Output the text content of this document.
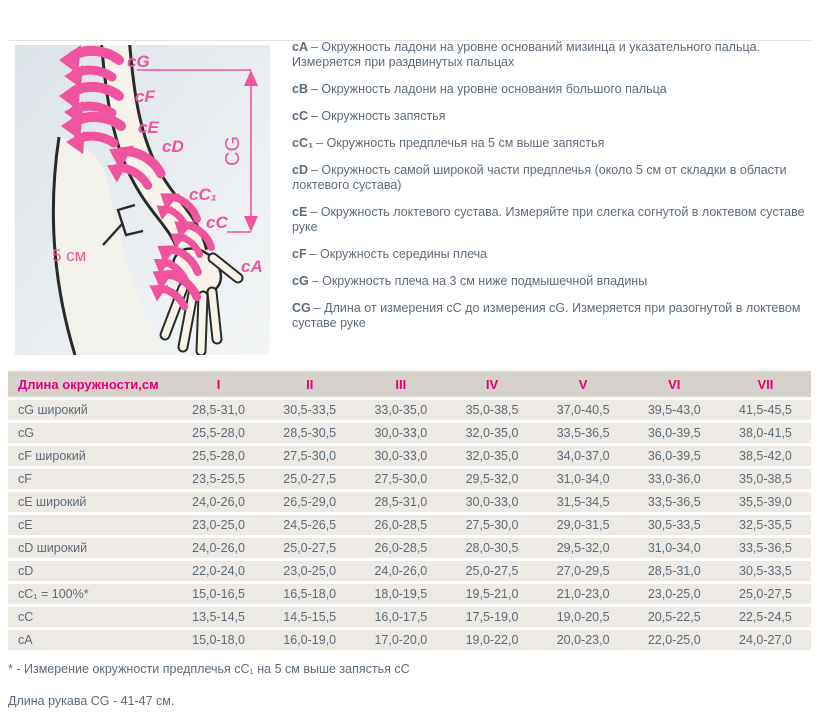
cG
cF
cE
cD
cC₁
cC
cA
CG
5 см
cA – Окружность ладони на уровне оснований мизинца и указательного пальца. Измеряется при раздвинутых пальцах
cB – Окружность ладони на уровне основания большого пальца
cC – Окружность запястья
cC₁ – Окружность предплечья на 5 см выше запястья
cD – Окружность самой широкой части предплечья (около 5 см от складки в области локтевого сустава)
cE – Окружность локтевого сустава. Измеряйте при слегка согнутой в локтевом суставе руке
cF – Окружность середины плеча
cG – Окружность плеча на 3 см ниже подмышечной впадины
CG – Длина от измерения cC до измерения cG. Измеряется при разогнутой в локтевом суставе руке
Длина окружности,см	I	II	III	IV	V	VI	VII
cG широкий	28,5-31,0	30,5-33,5	33,0-35,0	35,0-38,5	37,0-40,5	39,5-43,0	41,5-45,5
cG	25,5-28,0	28,5-30,5	30,0-33,0	32,0-35,0	33,5-36,5	36,0-39,5	38,0-41,5
cF широкий	25,5-28,0	27,5-30,0	30,0-33,0	32,0-35,0	34,0-37,0	36,0-39,5	38,5-42,0
cF	23,5-25,5	25,0-27,5	27,5-30,0	29,5-32,0	31,0-34,0	33,0-36,0	35,0-38,5
cE широкий	24,0-26,0	26,5-29,0	28,5-31,0	30,0-33,0	31,5-34,5	33,5-36,5	35,5-39,0
cE	23,0-25,0	24,5-26,5	26,0-28,5	27,5-30,0	29,0-31,5	30,5-33,5	32,5-35,5
cD широкий	24,0-26,0	25,0-27,5	26,0-28,5	28,0-30,5	29,5-32,0	31,0-34,0	33,5-36,5
cD	22,0-24,0	23,0-25,0	24,0-26,0	25,0-27,5	27,0-29,5	28,5-31,0	30,5-33,5
cC₁ = 100%*	15,0-16,5	16,5-18,0	18,0-19,5	19,5-21,0	21,0-23,0	23,0-25,0	25,0-27,5
cC	13,5-14,5	14,5-15,5	16,0-17,5	17,5-19,0	19,0-20,5	20,5-22,5	22,5-24,5
cA	15,0-18,0	16,0-19,0	17,0-20,0	19,0-22,0	20,0-23,0	22,0-25,0	24,0-27,0
* - Измерение окружности предплечья cC₁ на 5 см выше запястья cC
Длина рукава CG - 41-47 см.
